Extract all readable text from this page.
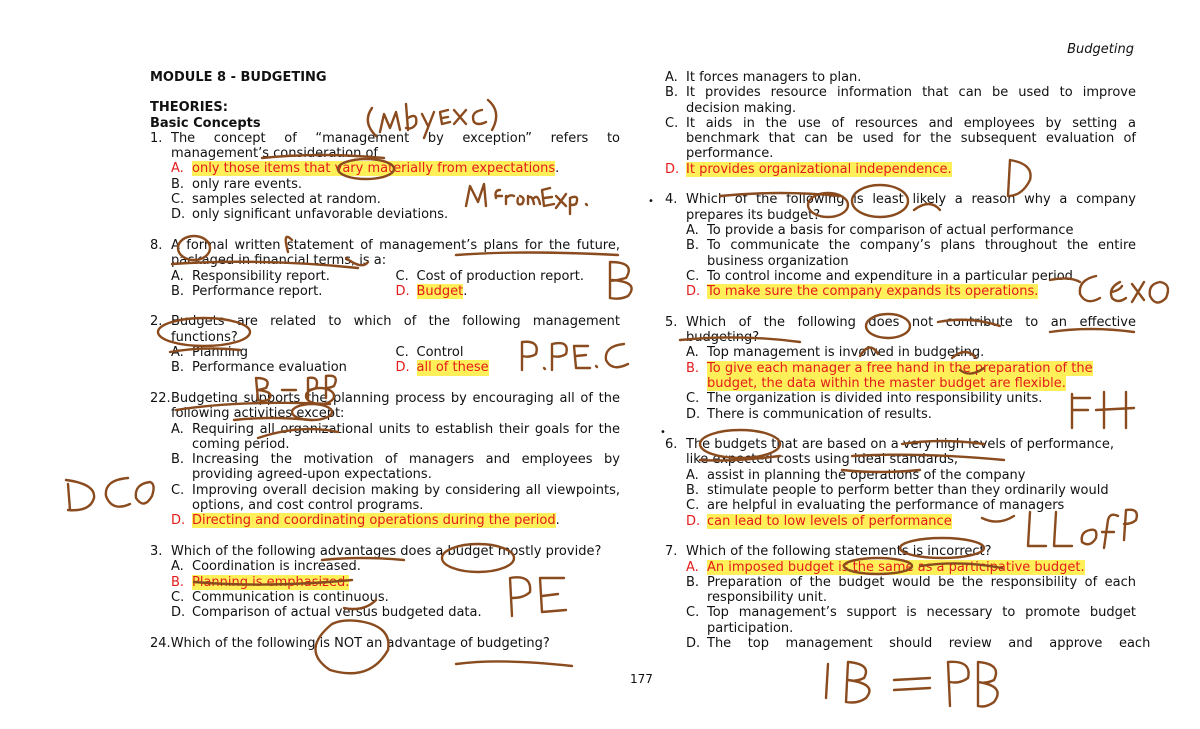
Budgeting

MODULE 8 - BUDGETING

THEORIES:

Basic Concepts

1. The concept of “management by exception” refers to management’s consideration of
A. only those items that vary materially from expectations.
B. only rare events.
C. samples selected at random.
D. only significant unfavorable deviations.
8. A formal written statement of management’s plans for the future, packaged in financial terms, is a:
A. Responsibility report.	C. Cost of production report.
B. Performance report.	D. Budget.
2. Budgets are related to which of the following management functions?
A. Planning	C. Control
B. Performance evaluation	D. all of these
22. Budgeting supports the planning process by encouraging all of the following activities except:
A. Requiring all organizational units to establish their goals for the coming period.
B. Increasing the motivation of managers and employees by providing agreed-upon expectations.
C. Improving overall decision making by considering all viewpoints, options, and cost control programs.
D. Directing and coordinating operations during the period.
3. Which of the following advantages does a budget mostly provide?
A. Coordination is increased.
B. Planning is emphasized.
C. Communication is continuous.
D. Comparison of actual versus budgeted data.
24. Which of the following is NOT an advantage of budgeting?
A. It forces managers to plan.
B. It provides resource information that can be used to improve decision making.
C. It aids in the use of resources and employees by setting a benchmark that can be used for the subsequent evaluation of performance.
D. It provides organizational independence.
4. Which of the following is least likely a reason why a company prepares its budget?
A. To provide a basis for comparison of actual performance
B. To communicate the company’s plans throughout the entire business organization
C. To control income and expenditure in a particular period
D. To make sure the company expands its operations.
5. Which of the following does not contribute to an effective budgeting?
A. Top management is involved in budgeting.
B. To give each manager a free hand in the preparation of the budget, the data within the master budget are flexible.
C. The organization is divided into responsibility units.
D. There is communication of results.
6. The budgets that are based on a very high levels of performance, like expected costs using ideal standards,
A. assist in planning the operations of the company
B. stimulate people to perform better than they ordinarily would
C. are helpful in evaluating the performance of managers
D. can lead to low levels of performance
7. Which of the following statements is incorrect?
A. An imposed budget is the same as a participative budget.
B. Preparation of the budget would be the responsibility of each responsibility unit.
C. Top management’s support is necessary to promote budget participation.
D. The    top    management    should    review    and    approve    each
•
•
177
